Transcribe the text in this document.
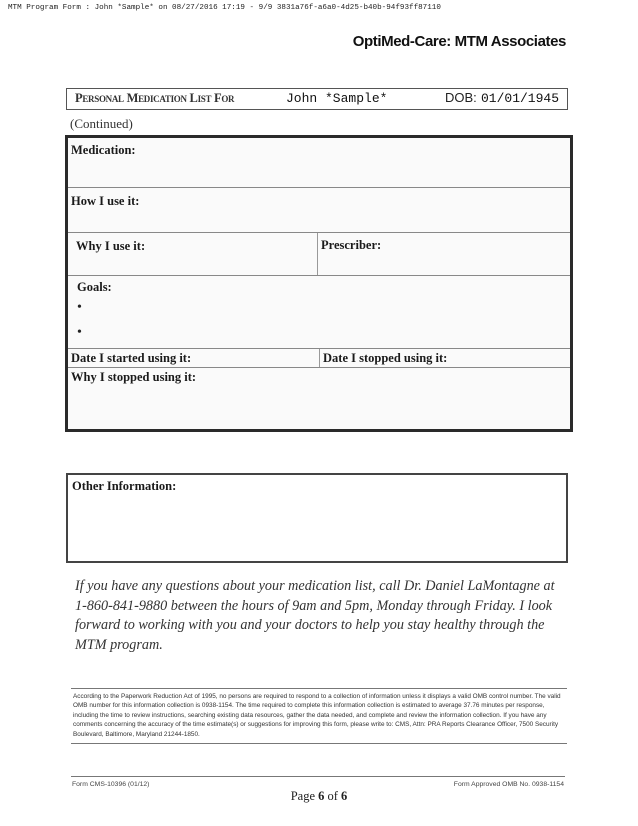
MTM Program Form : John *Sample* on 08/27/2016 17:19 - 9/9 3831a76f-a6a0-4d25-b40b-94f93ff87110
OptiMed-Care: MTM Associates
Personal Medication List For	John *Sample*	DOB: 01/01/1945
(Continued)
Medication:
How I use it:
Why I use it:	Prescriber:
Goals:
•
•
Date I started using it:	Date I stopped using it:
Why I stopped using it:
Other Information:

If you have any questions about your medication list, call Dr. Daniel LaMontagne at 1-860-841-9880 between the hours of 9am and 5pm, Monday through Friday. I look forward to working with you and your doctors to help you stay healthy through the MTM program.

According to the Paperwork Reduction Act of 1995, no persons are required to respond to a collection of information unless it displays a valid OMB control number. The valid OMB number for this information collection is 0938-1154. The time required to complete this information collection is estimated to average 37.76 minutes per response, including the time to review instructions, searching existing data resources, gather the data needed, and complete and review the information collection. If you have any comments concerning the accuracy of the time estimate(s) or suggestions for improving this form, please write to: CMS, Attn: PRA Reports Clearance Officer, 7500 Security Boulevard, Baltimore, Maryland 21244-1850.

Form CMS-10396 (01/12)	Form Approved OMB No. 0938-1154
Page 6 of 6
